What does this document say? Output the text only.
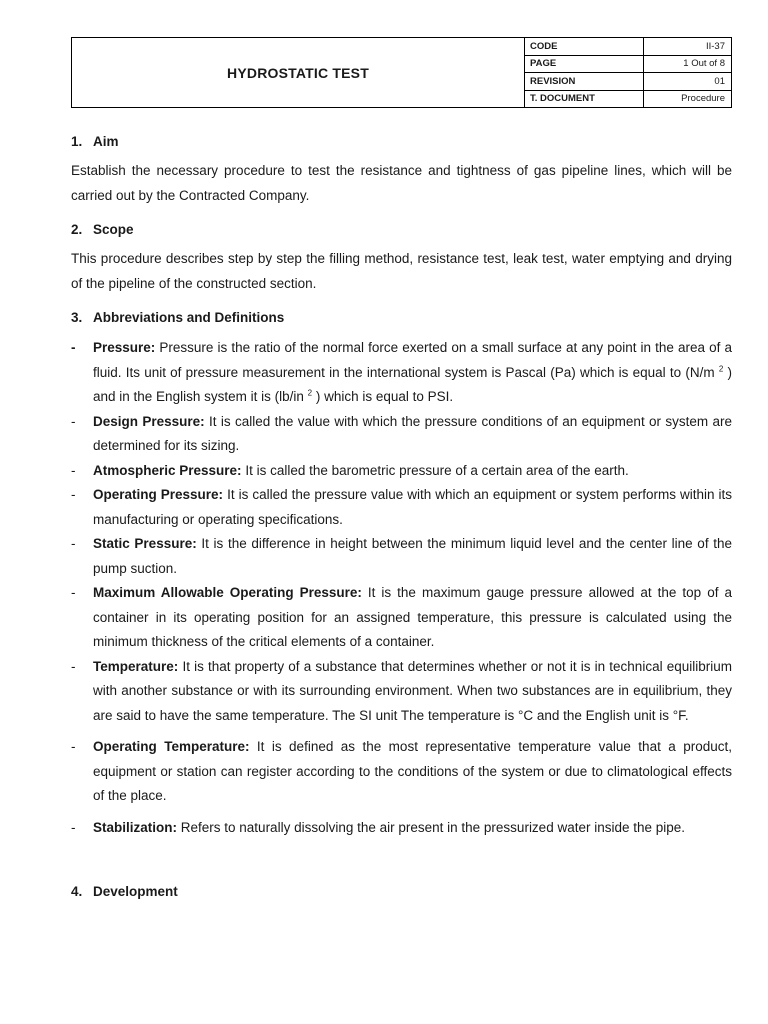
HYDROSTATIC TEST
CODE	II-37
PAGE	1 Out of 8
REVISION	01
T. DOCUMENT	Procedure

1. Aim

Establish the necessary procedure to test the resistance and tightness of gas pipeline lines, which will be carried out by the Contracted Company.

2. Scope

This procedure describes step by step the filling method, resistance test, leak test, water emptying and drying of the pipeline of the constructed section.

3. Abbreviations and Definitions

- Pressure: Pressure is the ratio of the normal force exerted on a small surface at any point in the area of a fluid. Its unit of pressure measurement in the international system is Pascal (Pa) which is equal to (N/m $^2$ ) and in the English system it is (lb/in $^2$ ) which is equal to PSI.
- Design Pressure: It is called the value with which the pressure conditions of an equipment or system are determined for its sizing.
- Atmospheric Pressure: It is called the barometric pressure of a certain area of the earth.
- Operating Pressure: It is called the pressure value with which an equipment or system performs within its manufacturing or operating specifications.
- Static Pressure: It is the difference in height between the minimum liquid level and the center line of the pump suction.
- Maximum Allowable Operating Pressure: It is the maximum gauge pressure allowed at the top of a container in its operating position for an assigned temperature, this pressure is calculated using the minimum thickness of the critical elements of a container.
- Temperature: It is that property of a substance that determines whether or not it is in technical equilibrium with another substance or with its surrounding environment. When two substances are in equilibrium, they are said to have the same temperature. The SI unit The temperature is °C and the English unit is °F.
- Operating Temperature: It is defined as the most representative temperature value that a product, equipment or station can register according to the conditions of the system or due to climatological effects of the place.
- Stabilization: Refers to naturally dissolving the air present in the pressurized water inside the pipe.

4. Development
